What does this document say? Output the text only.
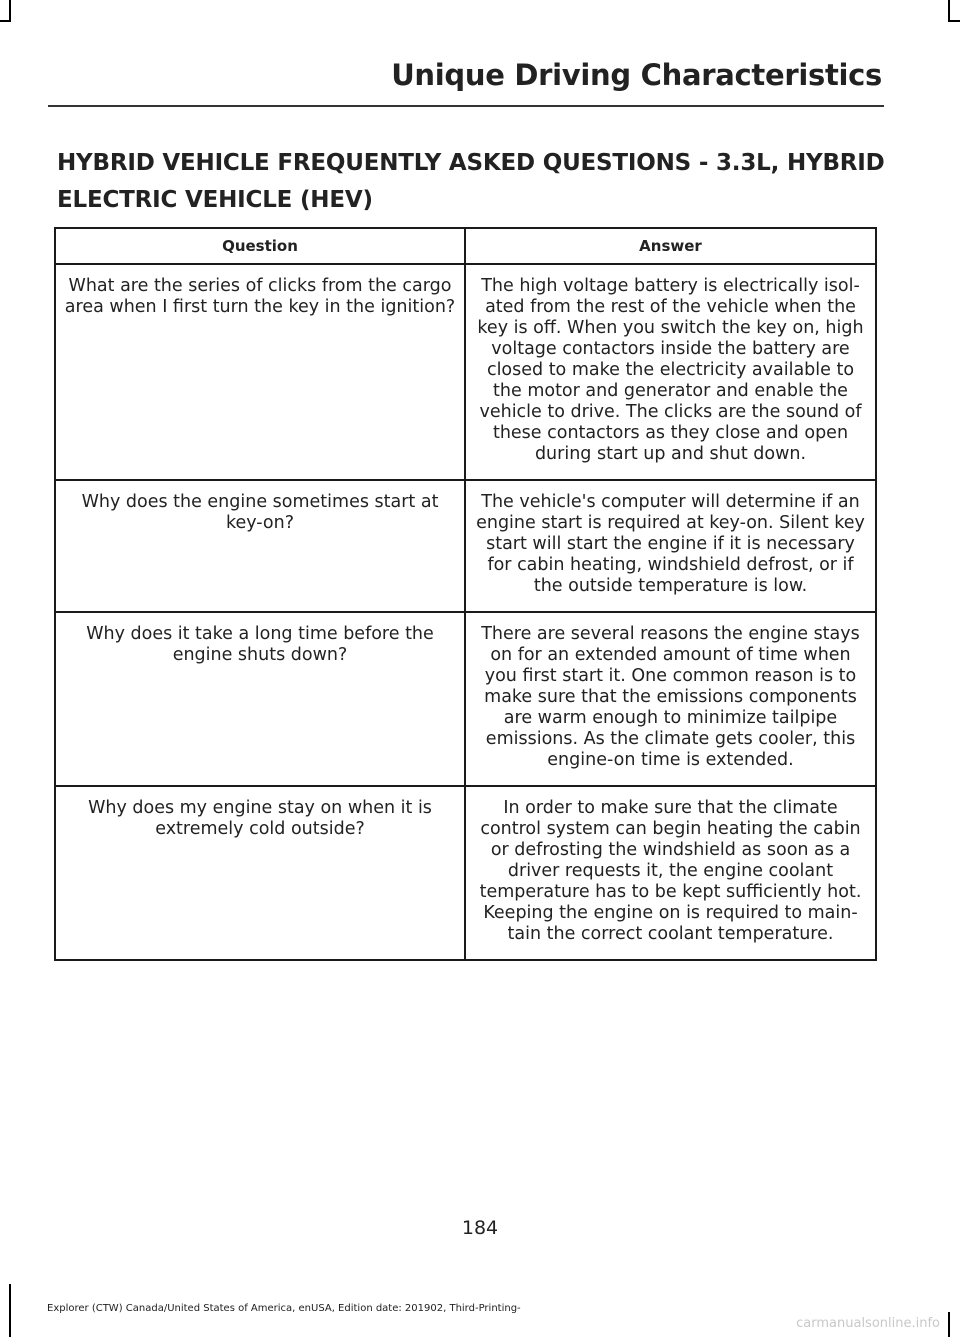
Unique Driving Characteristics
HYBRID VEHICLE FREQUENTLY ASKED QUESTIONS - 3.3L, HYBRID ELECTRIC VEHICLE (HEV)
Question	Answer
What are the series of clicks from the cargo area when I first turn the key in the ignition?	The high voltage battery is electrically isol-ated from the rest of the vehicle when the key is off. When you switch the key on, high voltage contactors inside the battery are closed to make the electricity available to the motor and generator and enable the vehicle to drive. The clicks are the sound of these contactors as they close and open during start up and shut down.
Why does the engine sometimes start at key-on?	The vehicle's computer will determine if an engine start is required at key-on. Silent key start will start the engine if it is necessary for cabin heating, windshield defrost, or if the outside temperature is low.
Why does it take a long time before the engine shuts down?	There are several reasons the engine stays on for an extended amount of time when you first start it. One common reason is to make sure that the emissions components are warm enough to minimize tailpipe emissions. As the climate gets cooler, this engine-on time is extended.
Why does my engine stay on when it is extremely cold outside?	In order to make sure that the climate control system can begin heating the cabin or defrosting the windshield as soon as a driver requests it, the engine coolant temperature has to be kept sufficiently hot. Keeping the engine on is required to main-tain the correct coolant temperature.
184
Explorer (CTW) Canada/United States of America, enUSA, Edition date: 201902, Third-Printing-
carmanualsonline.info
